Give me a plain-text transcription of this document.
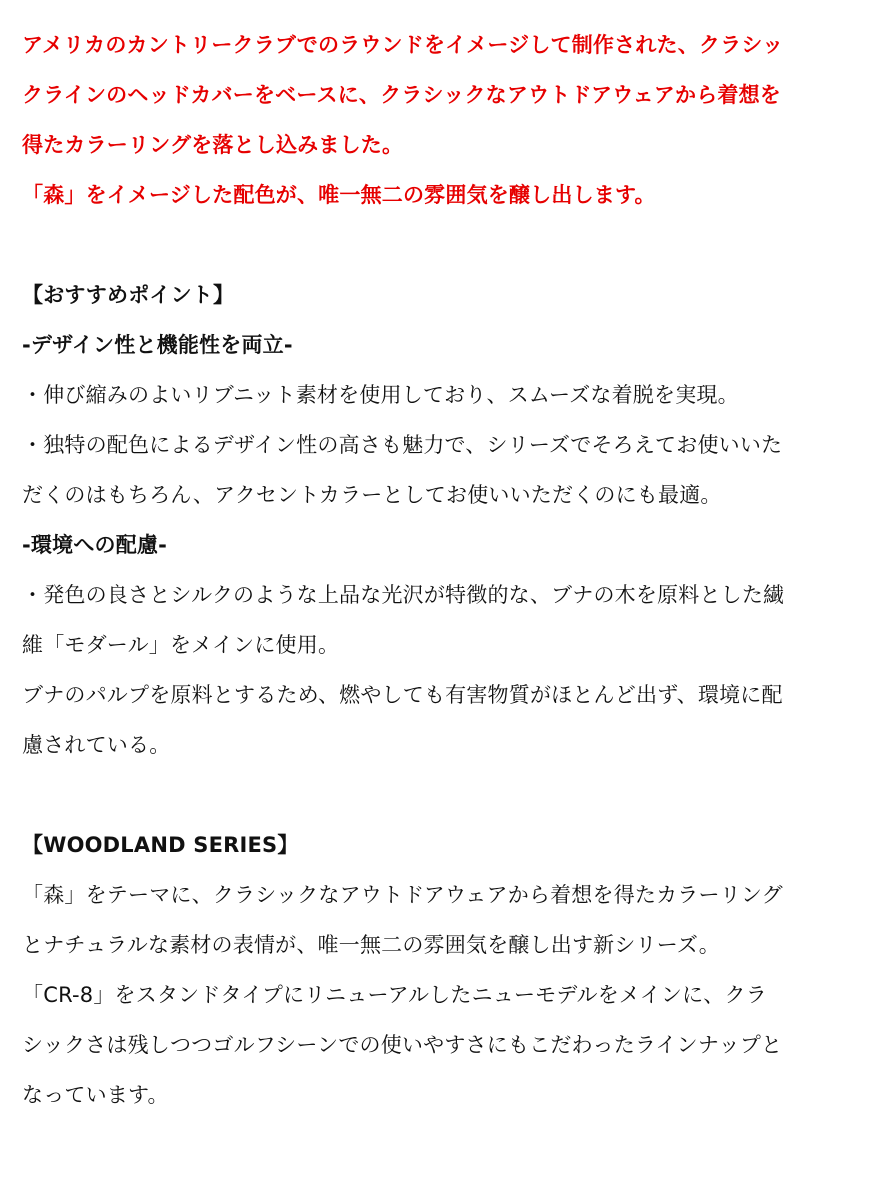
アメリカのカントリークラブでのラウンドをイメージして制作された、クラシッ

クラインのヘッドカバーをベースに、クラシックなアウトドアウェアから着想を

得たカラーリングを落とし込みました。

「森」をイメージした配色が、唯一無二の雰囲気を醸し出します。

【おすすめポイント】

-デザイン性と機能性を両立-

・伸び縮みのよいリブニット素材を使用しており、スムーズな着脱を実現。

・独特の配色によるデザイン性の高さも魅力で、シリーズでそろえてお使いいた

だくのはもちろん、アクセントカラーとしてお使いいただくのにも最適。

-環境への配慮-

・発色の良さとシルクのような上品な光沢が特徴的な、ブナの木を原料とした繊

維「モダール」をメインに使用。

ブナのパルプを原料とするため、燃やしても有害物質がほとんど出ず、環境に配

慮されている。

【WOODLAND SERIES】

「森」をテーマに、クラシックなアウトドアウェアから着想を得たカラーリング

とナチュラルな素材の表情が、唯一無二の雰囲気を醸し出す新シリーズ。

「CR-8」をスタンドタイプにリニューアルしたニューモデルをメインに、クラ

シックさは残しつつゴルフシーンでの使いやすさにもこだわったラインナップと

なっています。
